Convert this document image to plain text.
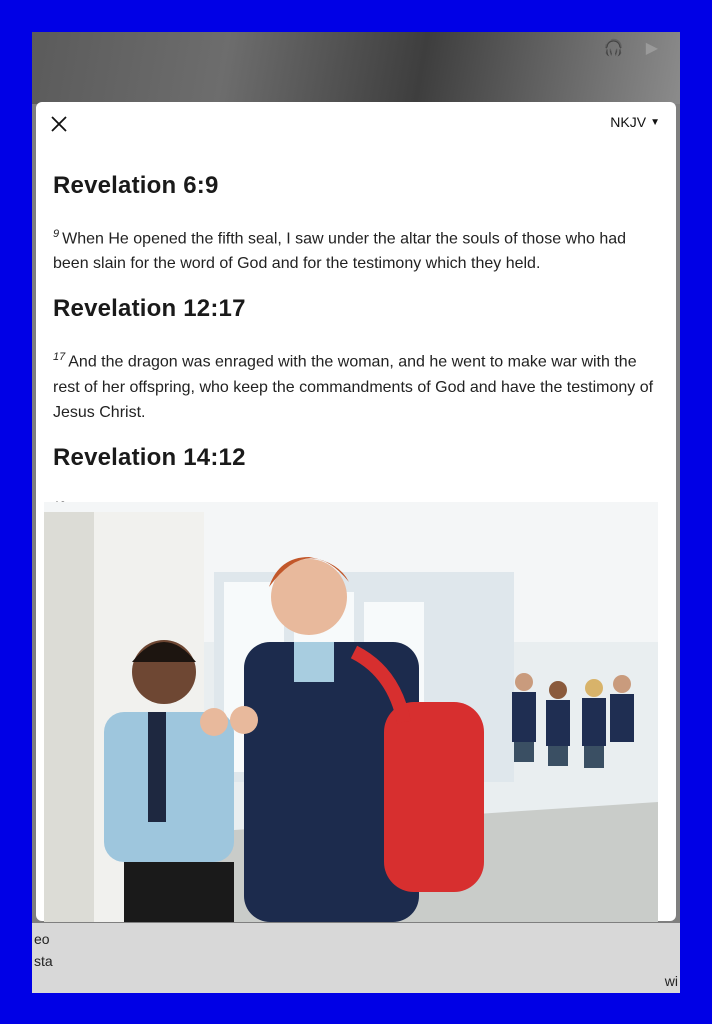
🎧 ▶
eo
sta
wi
NKJV ▼
Revelation 6:9

$^9$ When He opened the fifth seal, I saw under the altar the souls of those who had been slain for the word of God and for the testimony which they held.

Revelation 12:17

$^{17}$ And the dragon was enraged with the woman, and he went to make war with the rest of her offspring, who keep the commandments of God and have the testimony of Jesus Christ.

Revelation 14:12
